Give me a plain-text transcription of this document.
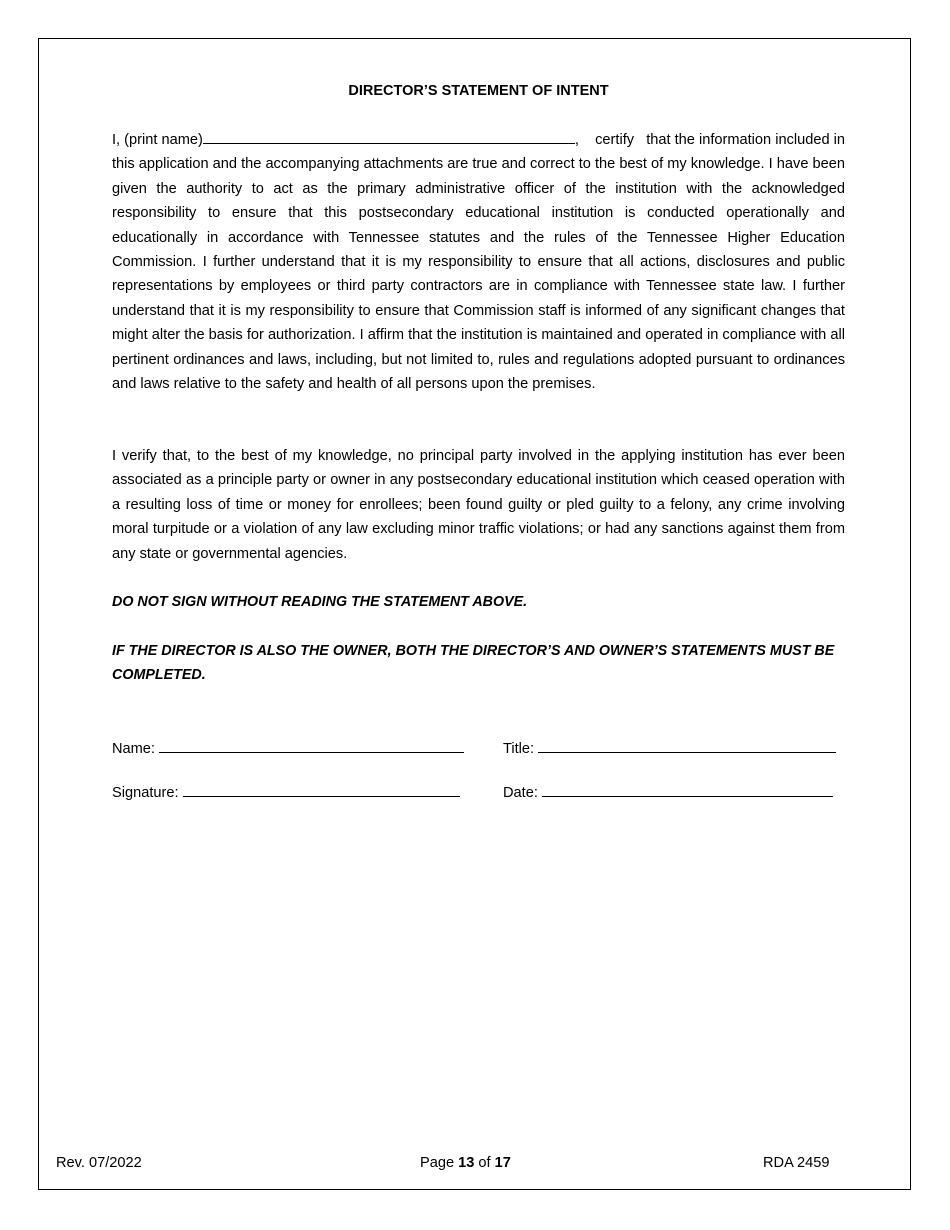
DIRECTOR’S STATEMENT OF INTENT
I, (print name)	,    certify   that the information included in this application and the accompanying attachments are true and correct to the best of my knowledge. I have been given the authority to act as the primary administrative officer of the institution with the acknowledged responsibility to ensure that this postsecondary educational institution is conducted operationally and educationally in accordance with Tennessee statutes and the rules of the Tennessee Higher Education Commission. I further understand that it is my responsibility to ensure that all actions, disclosures and public representations by employees or third party contractors are in compliance with Tennessee state law. I further understand that it is my responsibility to ensure that Commission staff is informed of any significant changes that might alter the basis for authorization. I affirm that the institution is maintained and operated in compliance with all pertinent ordinances and laws, including, but not limited to, rules and regulations adopted pursuant to ordinances and laws relative to the safety and health of all persons upon the premises.
I verify that, to the best of my knowledge, no principal party involved in the applying institution has ever been associated as a principle party or owner in any postsecondary educational institution which ceased operation with a resulting loss of time or money for enrollees; been found guilty or pled guilty to a felony, any crime involving moral turpitude or a violation of any law excluding minor traffic violations; or had any sanctions against them from any state or governmental agencies.
DO NOT SIGN WITHOUT READING THE STATEMENT ABOVE.
IF THE DIRECTOR IS ALSO THE OWNER, BOTH THE DIRECTOR’S AND OWNER’S STATEMENTS MUST BE COMPLETED.
Name:	Title:
Signature:	Date:
Rev. 07/2022	Page 13 of 17	RDA 2459
